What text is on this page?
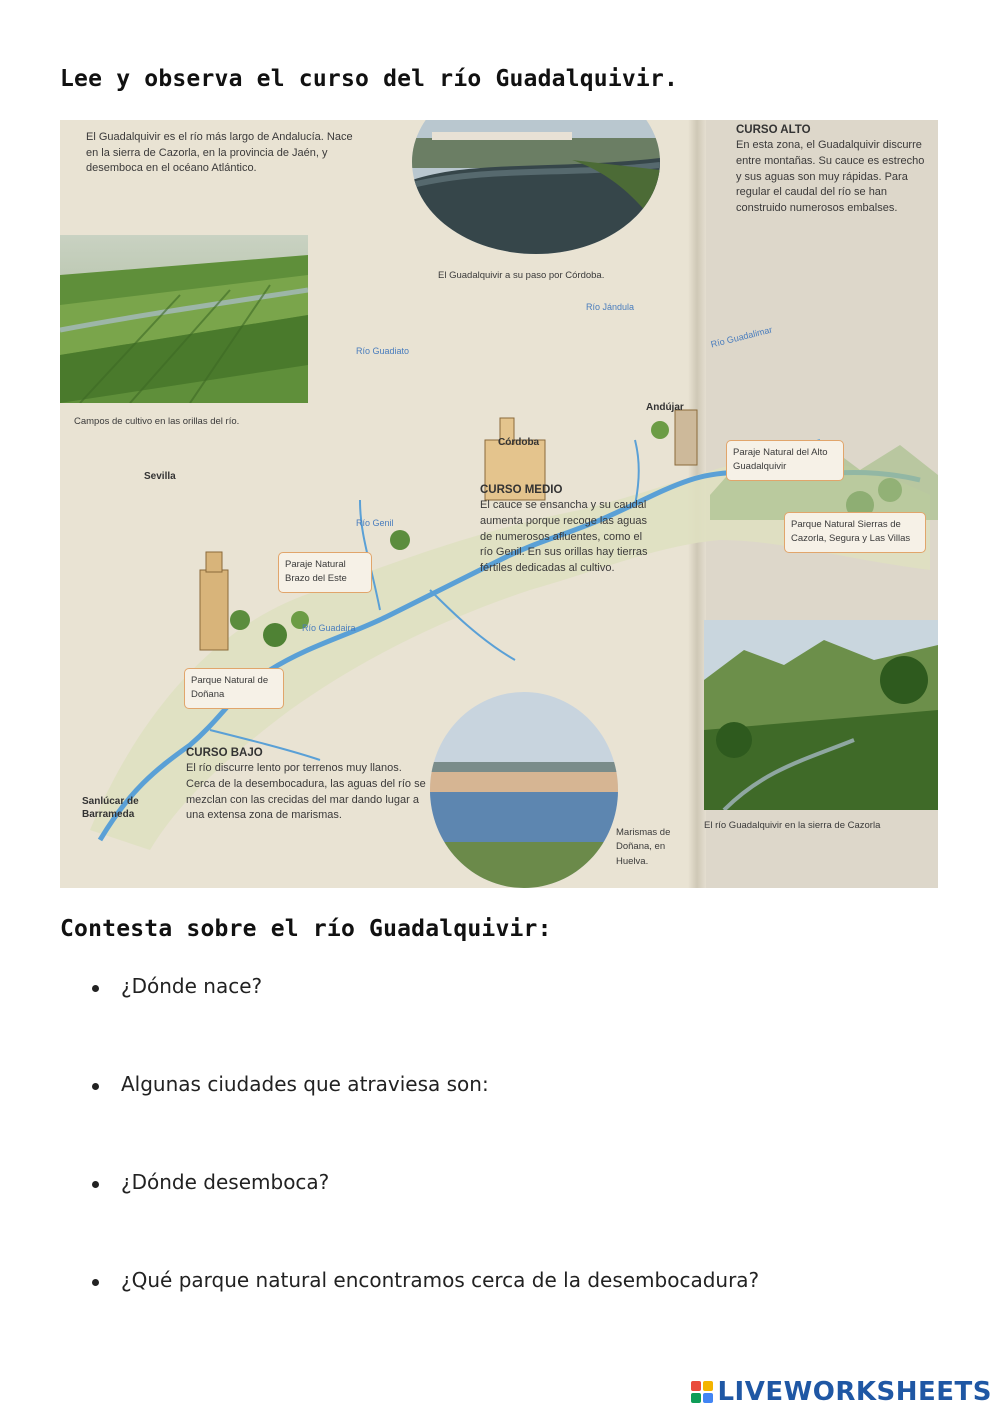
Lee y observa el curso del río Guadalquivir.
El Guadalquivir es el río más largo de Andalucía. Nace en la sierra de Cazorla, en la provincia de Jaén, y desemboca en el océano Atlántico.
Campos de cultivo en las orillas del río.
El Guadalquivir a su paso por Córdoba.
Río Jándula
Río Guadiato
Río Guadalimar
Río Genil
Río Guadaira
Sevilla
Córdoba
Andújar
Sanlúcar de Barrameda
CURSO MEDIO
El cauce se ensancha y su caudal aumenta porque recoge las aguas de numerosos afluentes, como el río Genil. En sus orillas hay tierras fértiles dedicadas al cultivo.
CURSO BAJO
El río discurre lento por terrenos muy llanos. Cerca de la desembocadura, las aguas del río se mezclan con las crecidas del mar dando lugar a una extensa zona de marismas.
CURSO ALTO
En esta zona, el Guadalquivir discurre entre montañas. Su cauce es estrecho y sus aguas son muy rápidas. Para regular el caudal del río se han construido numerosos embalses.
Paraje Natural del Alto Guadalquivir
Parque Natural Sierras de Cazorla, Segura y Las Villas
Paraje Natural Brazo del Este
Parque Natural de Doñana
Marismas de Doñana, en Huelva.
El río Guadalquivir en la sierra de Cazorla
Contesta sobre el río Guadalquivir:
¿Dónde nace?
Algunas ciudades que atraviesa son:
¿Dónde desemboca?
¿Qué parque natural encontramos cerca de la desembocadura?
LIVEWORKSHEETS
